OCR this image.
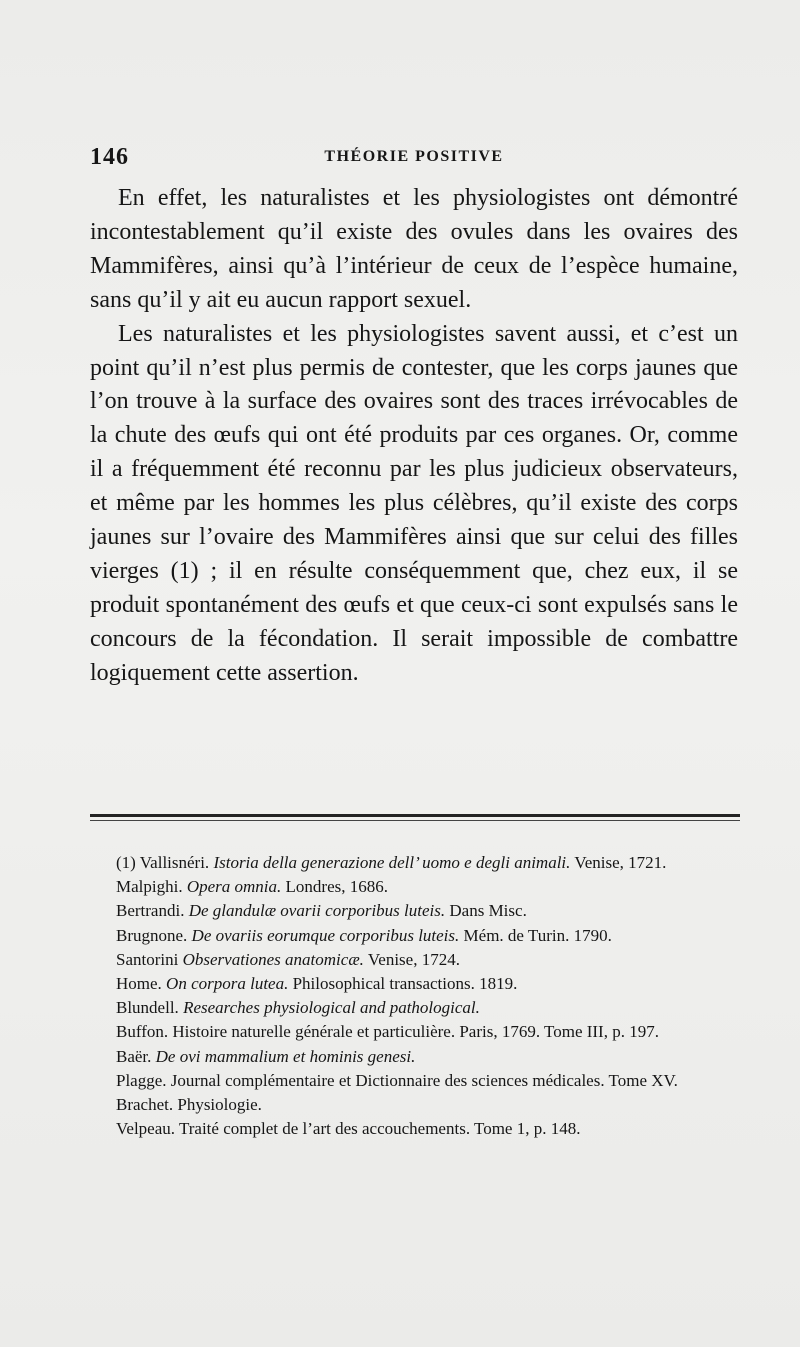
146	THÉORIE POSITIVE

En effet, les naturalistes et les physiologistes ont démontré incontestablement qu’il existe des ovules dans les ovaires des Mammifères, ainsi qu’à l’intérieur de ceux de l’espèce humaine, sans qu’il y ait eu aucun rapport sexuel.

Les naturalistes et les physiologistes savent aussi, et c’est un point qu’il n’est plus permis de contester, que les corps jaunes que l’on trouve à la surface des ovaires sont des traces irrévocables de la chute des œufs qui ont été produits par ces organes. Or, comme il a fréquemment été reconnu par les plus judicieux observateurs, et même par les hommes les plus célèbres, qu’il existe des corps jaunes sur l’ovaire des Mammifères ainsi que sur celui des filles vierges (1) ; il en résulte conséquemment que, chez eux, il se produit spontanément des œufs et que ceux-ci sont expulsés sans le concours de la fécondation. Il serait impossible de combattre logiquement cette assertion.

(1) Vallisnéri. Istoria della generazione dell’ uomo e degli animali. Venise, 1721.

Malpighi. Opera omnia. Londres, 1686.

Bertrandi. De glandulæ ovarii corporibus luteis. Dans Misc.

Brugnone. De ovariis eorumque corporibus luteis. Mém. de Turin. 1790.

Santorini Observationes anatomicæ. Venise, 1724.

Home. On corpora lutea. Philosophical transactions. 1819.

Blundell. Researches physiological and pathological.

Buffon. Histoire naturelle générale et particulière. Paris, 1769. Tome III, p. 197.

Baër. De ovi mammalium et hominis genesi.

Plagge. Journal complémentaire et Dictionnaire des sciences médicales. Tome XV.

Brachet. Physiologie.

Velpeau. Traité complet de l’art des accouchements. Tome 1, p. 148.
